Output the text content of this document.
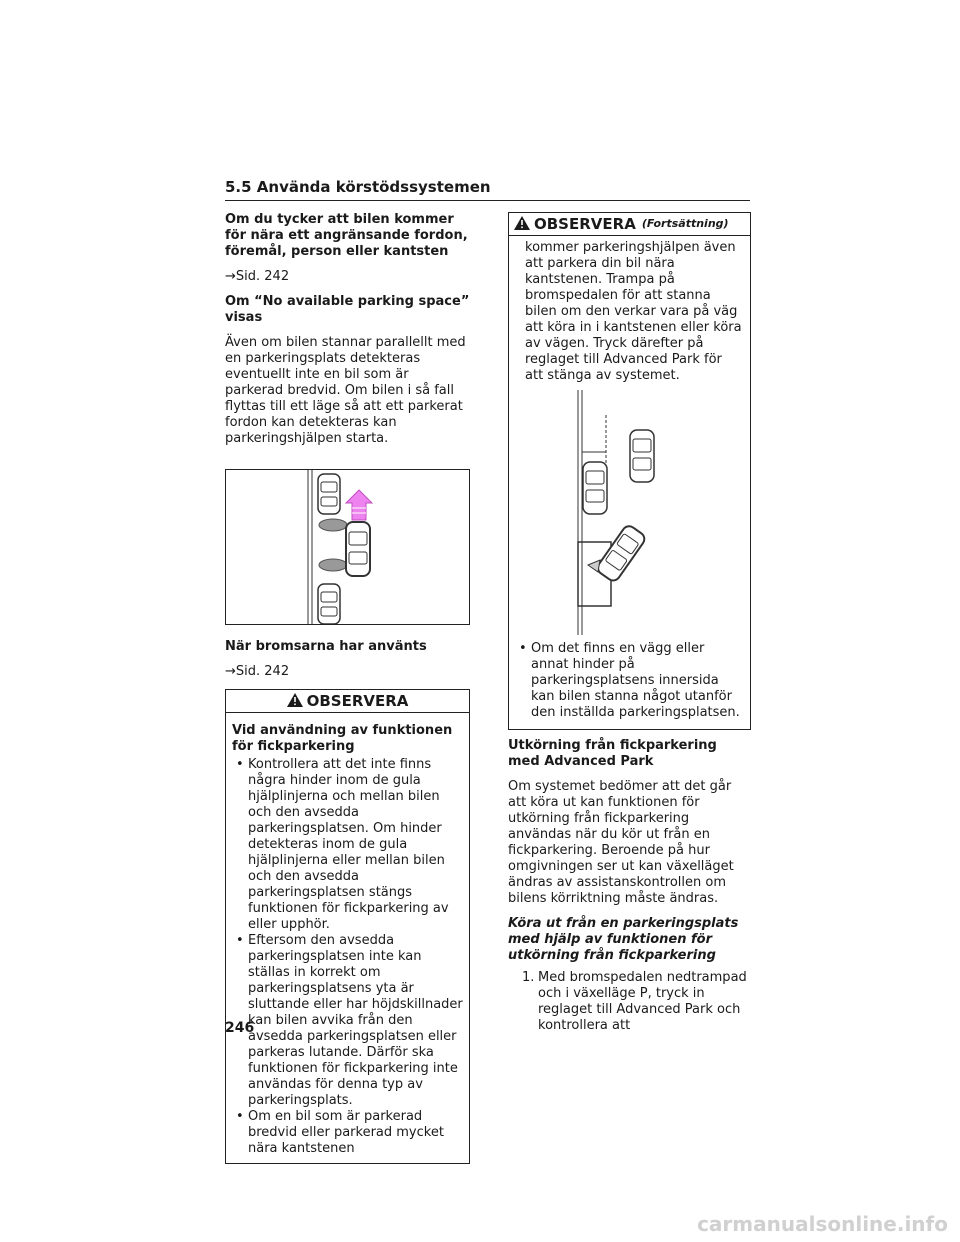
5.5 Använda körstödssystemen
Om du tycker att bilen kommer för nära ett angränsande fordon, föremål, person eller kantsten
→Sid. 242
Om “No available parking space” visas
Även om bilen stannar parallellt med en parkeringsplats detekteras eventuellt inte en bil som är parkerad bredvid. Om bilen i så fall flyttas till ett läge så att ett parkerat fordon kan detekteras kan parkeringshjälpen starta.
När bromsarna har använts
→Sid. 242
OBSERVERA
Vid användning av funktionen för fickparkering
• Kontrollera att det inte finns några hinder inom de gula hjälplinjerna och mellan bilen och den avsedda parkeringsplatsen. Om hinder detekteras inom de gula hjälplinjerna eller mellan bilen och den avsedda parkeringsplatsen stängs funktionen för fickparkering av eller upphör.
• Eftersom den avsedda parkeringsplatsen inte kan ställas in korrekt om parkeringsplatsens yta är sluttande eller har höjdskillnader kan bilen avvika från den avsedda parkeringsplatsen eller parkeras lutande. Därför ska funktionen för fickparkering inte användas för denna typ av parkeringsplats.
• Om en bil som är parkerad bredvid eller parkerad mycket nära kantstenen
OBSERVERA (Fortsättning)
kommer parkeringshjälpen även att parkera din bil nära kantstenen. Trampa på bromspedalen för att stanna bilen om den verkar vara på väg att köra in i kantstenen eller köra av vägen. Tryck därefter på reglaget till Advanced Park för att stänga av systemet.
• Om det finns en vägg eller annat hinder på parkeringsplatsens innersida kan bilen stanna något utanför den inställda parkeringsplatsen.
Utkörning från fickparkering med Advanced Park
Om systemet bedömer att det går att köra ut kan funktionen för utkörning från fickparkering användas när du kör ut från en fickparkering. Beroende på hur omgivningen ser ut kan växelläget ändras av assistanskontrollen om bilens körriktning måste ändras.
Köra ut från en parkeringsplats med hjälp av funktionen för utkörning från fickparkering
1. Med bromspedalen nedtrampad och i växelläge P, tryck in reglaget till Advanced Park och kontrollera att
246
carmanualsonline.info
